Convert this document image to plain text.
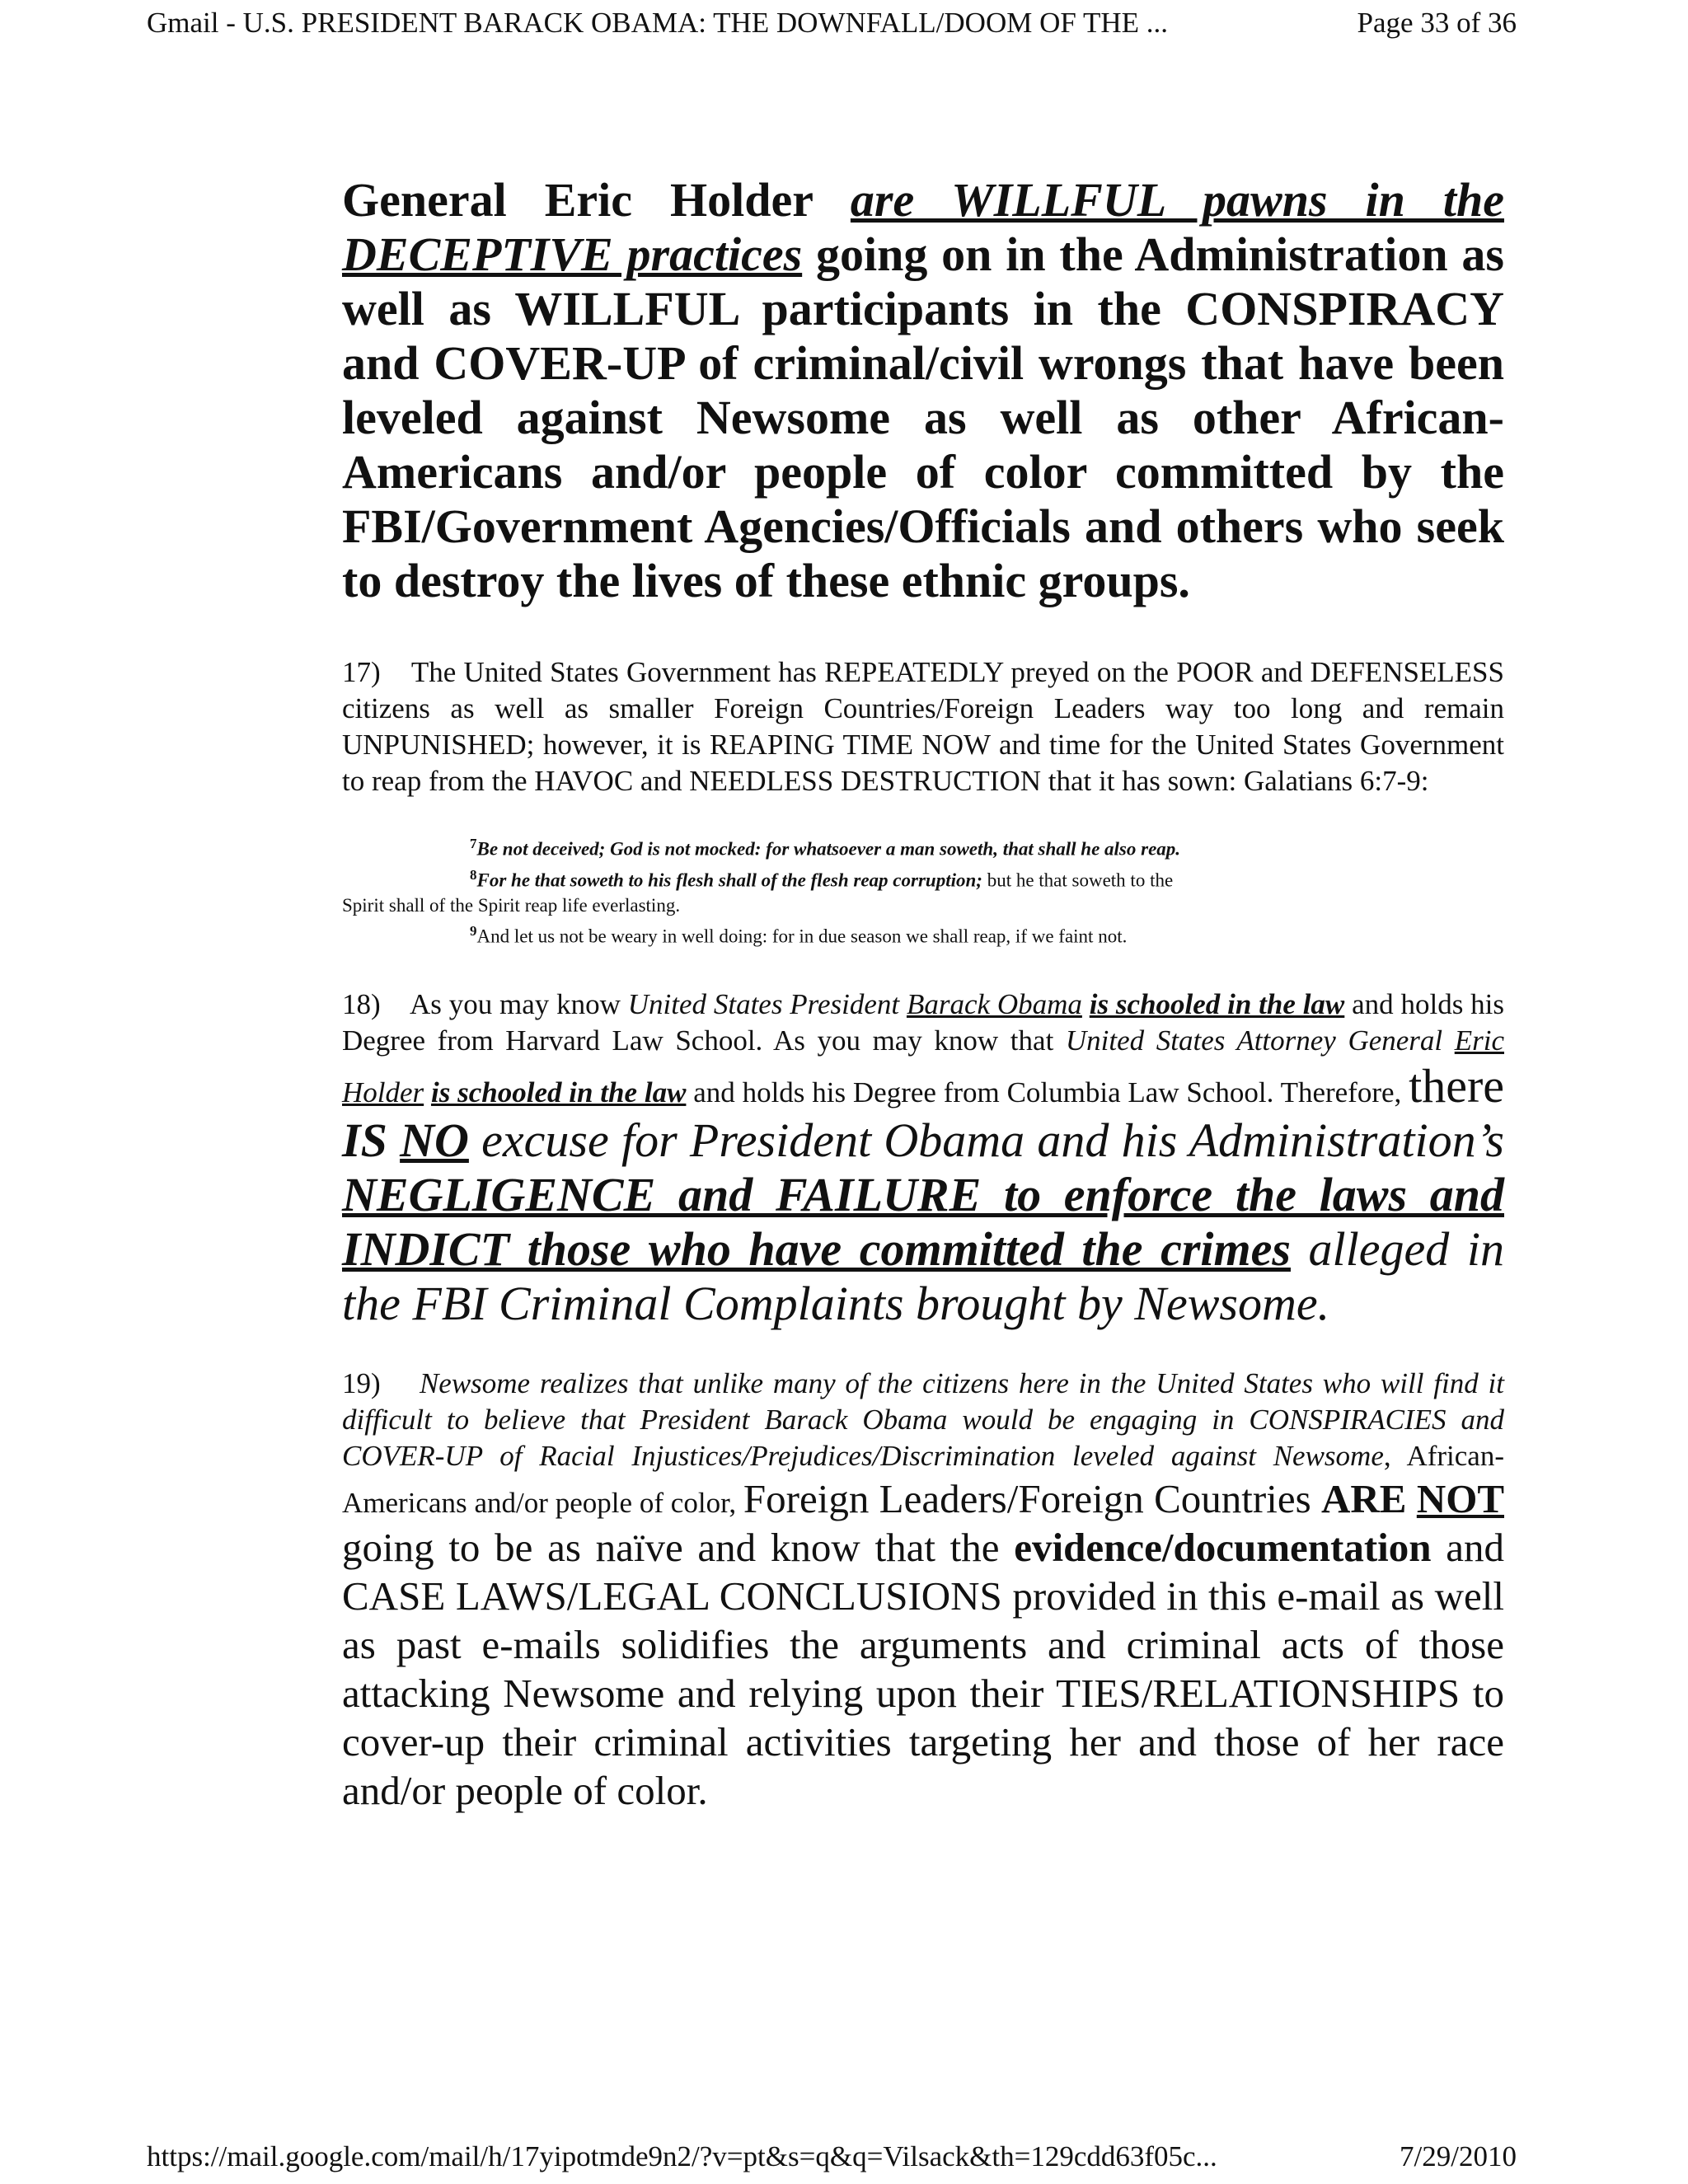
Gmail - U.S. PRESIDENT BARACK OBAMA: THE DOWNFALL/DOOM OF THE ...	Page 33 of 36

General Eric Holder are WILLFUL pawns in the DECEPTIVE practices going on in the Administration as well as WILLFUL participants in the CONSPIRACY and COVER-UP of criminal/civil wrongs that have been leveled against Newsome as well as other African-Americans and/or people of color committed by the FBI/Government Agencies/Officials and others who seek to destroy the lives of these ethnic groups.

17)    The United States Government has REPEATEDLY preyed on the POOR and DEFENSELESS citizens as well as smaller Foreign Countries/Foreign Leaders way too long and remain UNPUNISHED; however, it is REAPING TIME NOW and time for the United States Government to reap from the HAVOC and NEEDLESS DESTRUCTION that it has sown: Galatians 6:7-9:

$^7$Be not deceived; God is not mocked: for whatsoever a man soweth, that shall he also reap.
$^8$For he that soweth to his flesh shall of the flesh reap corruption; but he that soweth to the
Spirit shall of the Spirit reap life everlasting.
$^9$And let us not be weary in well doing: for in due season we shall reap, if we faint not.

18)    As you may know United States President Barack Obama is schooled in the law and holds his Degree from Harvard Law School. As you may know that United States Attorney General Eric Holder is schooled in the law and holds his Degree from Columbia Law School. Therefore, there IS NO excuse for President Obama and his Administration’s NEGLIGENCE and FAILURE to enforce the laws and INDICT those who have committed the crimes alleged in the FBI Criminal Complaints brought by Newsome.

19)    Newsome realizes that unlike many of the citizens here in the United States who will find it difficult to believe that President Barack Obama would be engaging in CONSPIRACIES and COVER-UP of Racial Injustices/Prejudices/Discrimination leveled against Newsome, African-Americans and/or people of color, Foreign Leaders/Foreign Countries ARE NOT going to be as naïve and know that the evidence/documentation and CASE LAWS/LEGAL CONCLUSIONS provided in this e-mail as well as past e-mails solidifies the arguments and criminal acts of those attacking Newsome and relying upon their TIES/RELATIONSHIPS to cover-up their criminal activities targeting her and those of her race and/or people of color.

https://mail.google.com/mail/h/17yipotmde9n2/?v=pt&s=q&q=Vilsack&th=129cdd63f05c...	7/29/2010
